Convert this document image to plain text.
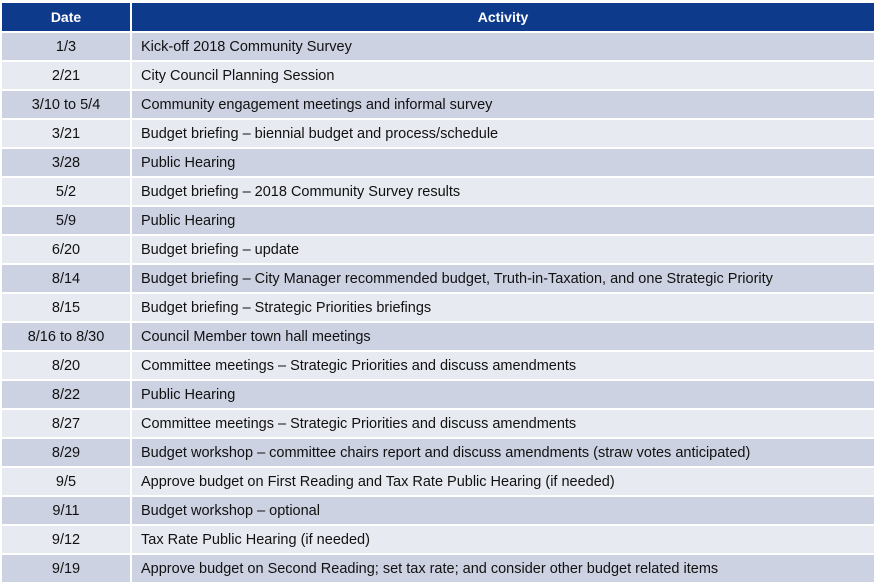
Date	Activity
1/3	Kick-off 2018 Community Survey
2/21	City Council Planning Session
3/10 to 5/4	Community engagement meetings and informal survey
3/21	Budget briefing – biennial budget and process/schedule
3/28	Public Hearing
5/2	Budget briefing – 2018 Community Survey results
5/9	Public Hearing
6/20	Budget briefing – update
8/14	Budget briefing – City Manager recommended budget, Truth-in-Taxation, and one Strategic Priority
8/15	Budget briefing – Strategic Priorities briefings
8/16 to 8/30	Council Member town hall meetings
8/20	Committee meetings – Strategic Priorities and discuss amendments
8/22	Public Hearing
8/27	Committee meetings – Strategic Priorities and discuss amendments
8/29	Budget workshop – committee chairs report and discuss amendments (straw votes anticipated)
9/5	Approve budget on First Reading and Tax Rate Public Hearing (if needed)
9/11	Budget workshop – optional
9/12	Tax Rate Public Hearing (if needed)
9/19	Approve budget on Second Reading; set tax rate; and consider other budget related items
